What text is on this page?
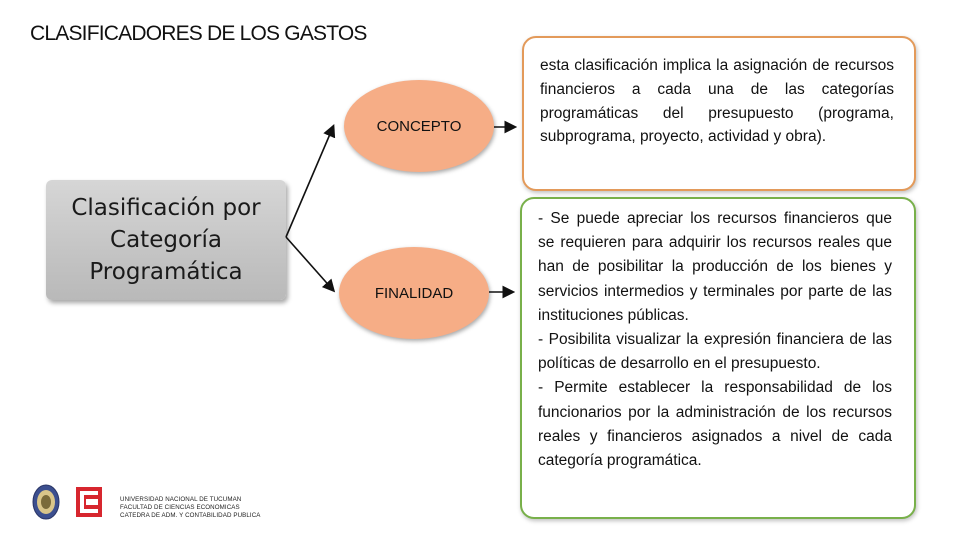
CLASIFICADORES DE LOS GASTOS
Clasificación por Categoría Programática
CONCEPTO
FINALIDAD
esta clasificación implica la asignación de recursos financieros a cada una de las categorías programáticas del presupuesto (programa, subprograma, proyecto, actividad y obra).

- Se puede apreciar los recursos financieros que se requieren para adquirir los recursos reales que han de posibilitar la producción de los bienes y servicios intermedios y terminales por parte de las instituciones públicas.

- Posibilita visualizar la expresión financiera de las políticas de desarrollo en el presupuesto.

- Permite establecer la responsabilidad de los funcionarios por la administración de los recursos reales y financieros asignados a nivel de cada categoría programática.

UNIVERSIDAD NACIONAL DE TUCUMAN
FACULTAD DE CIENCIAS ECONOMICAS
CATEDRA DE ADM. Y CONTABILIDAD PUBLICA
